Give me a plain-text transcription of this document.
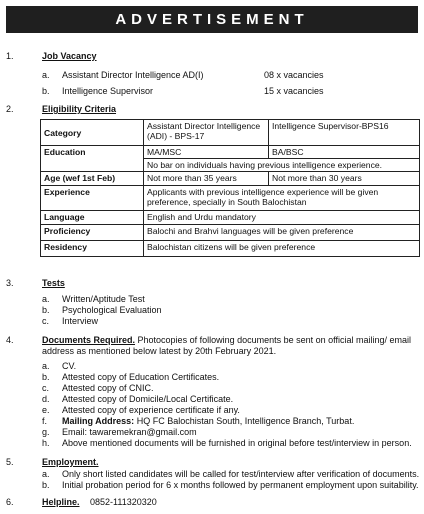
ADVERTISEMENT
1.	Job Vacancy
a. Assistant Director Intelligence AD(I)	08 x vacancies
b. Intelligence Supervisor	15 x vacancies
2.	Eligibility Criteria
Category	Assistant Director Intelligence (ADI) - BPS-17	Intelligence Supervisor-BPS16
Education	MA/MSC	BA/BSC
	No bar on individuals having previous intelligence experience.	
Age (wef 1st Feb)	Not more than 35 years	Not more than 30 years
Experience	Applicants with previous intelligence experience will be given preference, specially in South Balochistan	
Language	English and Urdu mandatory	
Proficiency	Balochi and Brahvi languages will be given preference	
Residency	Balochistan citizens will be given preference	
3.	Tests
a. Written/Aptitude Test
b. Psychological Evaluation
c. Interview
4.	Documents Required. Photocopies of following documents be sent on official mailing/ email address as mentioned below latest by 20th February 2021.
a. CV.
b. Attested copy of Education Certificates.
c. Attested copy of CNIC.
d. Attested copy of Domicile/Local Certificate.
e. Attested copy of experience certificate if any.
f. Mailing Address: HQ FC Balochistan South, Intelligence Branch, Turbat.
g. Email: tawaremekran@gmail.com
h. Above mentioned documents will be furnished in original before test/interview in person.
5.	Employment.
a. Only short listed candidates will be called for test/interview after verification of documents.
b. Initial probation period for 6 x months followed by permanent employment upon suitability.
6.	Helpline. 0852-111320320
